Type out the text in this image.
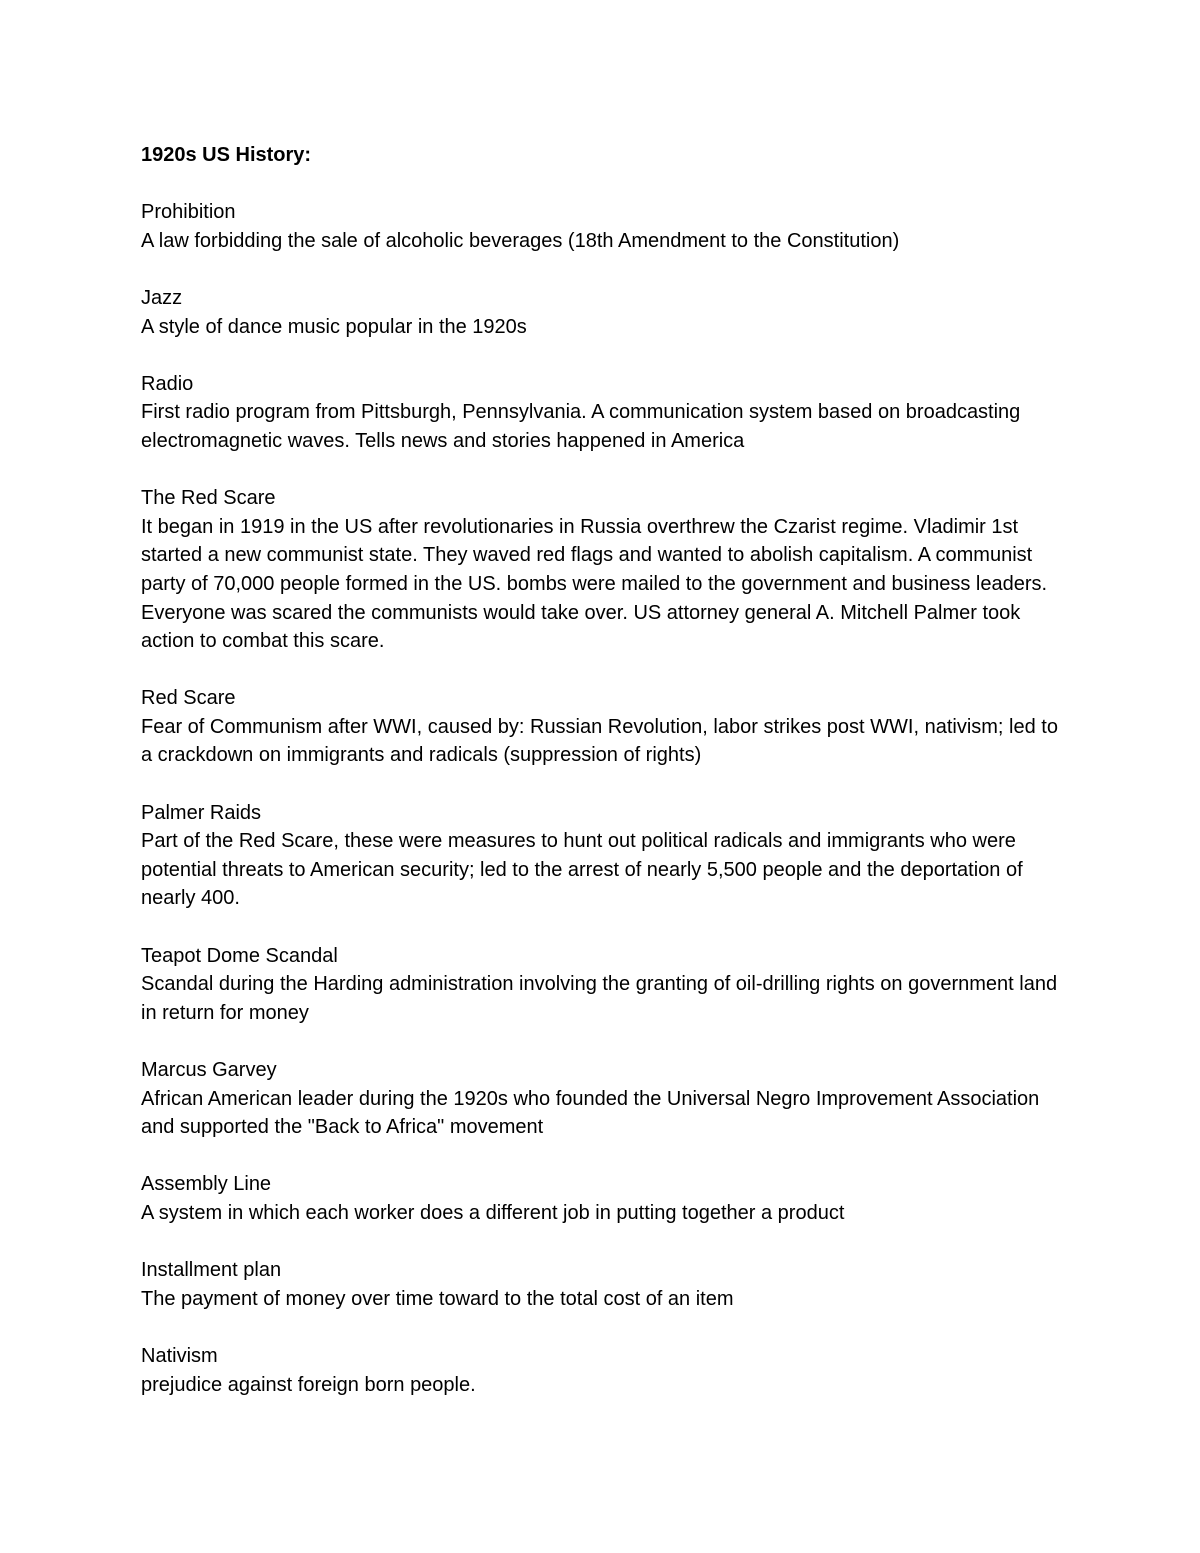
1920s US History:
Prohibition
A law forbidding the sale of alcoholic beverages (18th Amendment to the Constitution)
Jazz
A style of dance music popular in the 1920s
Radio
First radio program from Pittsburgh, Pennsylvania. A communication system based on broadcasting electromagnetic waves. Tells news and stories happened in America
The Red Scare
It began in 1919 in the US after revolutionaries in Russia overthrew the Czarist regime. Vladimir 1st started a new communist state. They waved red flags and wanted to abolish capitalism. A communist party of 70,000 people formed in the US. bombs were mailed to the government and business leaders. Everyone was scared the communists would take over. US attorney general A. Mitchell Palmer took action to combat this scare.
Red Scare
Fear of Communism after WWI, caused by: Russian Revolution, labor strikes post WWI, nativism; led to a crackdown on immigrants and radicals (suppression of rights)
Palmer Raids
Part of the Red Scare, these were measures to hunt out political radicals and immigrants who were potential threats to American security; led to the arrest of nearly 5,500 people and the deportation of nearly 400.
Teapot Dome Scandal
Scandal during the Harding administration involving the granting of oil-drilling rights on government land in return for money
Marcus Garvey
African American leader during the 1920s who founded the Universal Negro Improvement Association and supported the "Back to Africa" movement
Assembly Line
A system in which each worker does a different job in putting together a product
Installment plan
The payment of money over time toward to the total cost of an item
Nativism
prejudice against foreign born people.
